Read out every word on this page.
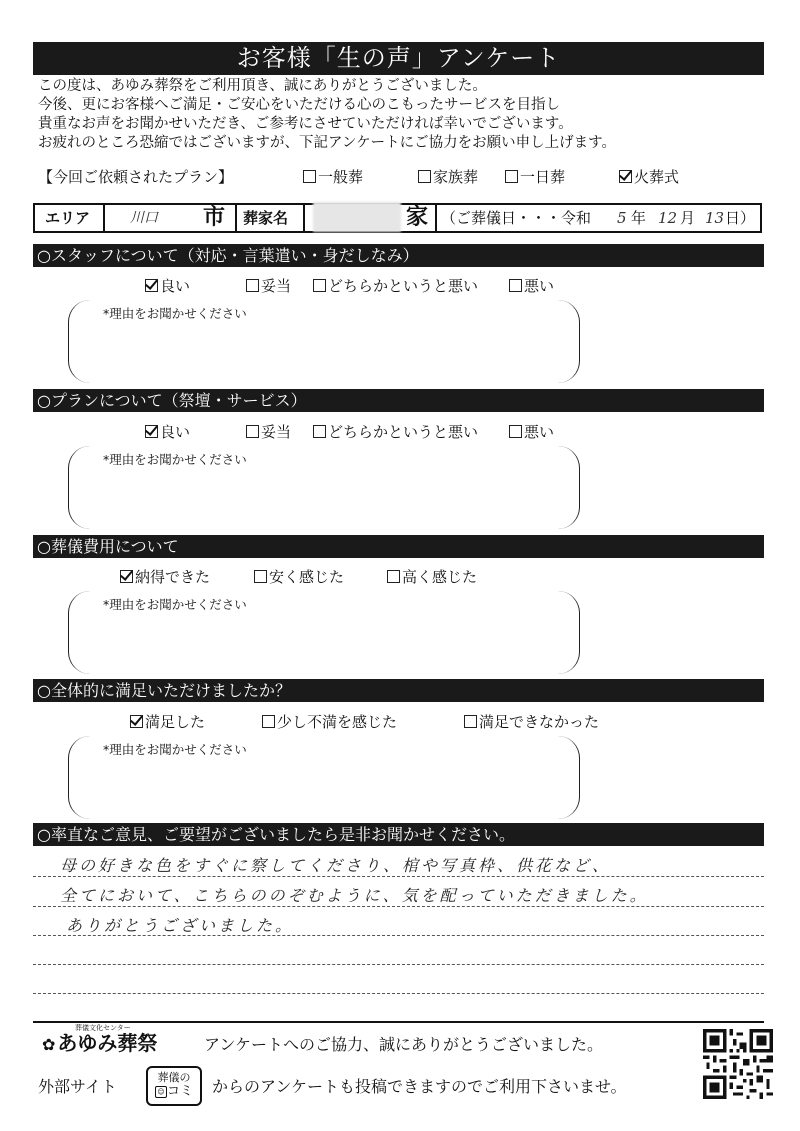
お客様「生の声」アンケート
この度は、あゆみ葬祭をご利用頂き、誠にありがとうございました。
今後、更にお客様へご満足・ご安心をいただける心のこもったサービスを目指し
貴重なお声をお聞かせいただき、ご参考にさせていただければ幸いでございます。
お疲れのところ恐縮ではございますが、下記アンケートにご協力をお願い申し上げます。
【今回ご依頼されたプラン】	一般葬	家族葬	一日葬	火葬式
エリア	川口 市 葬家名	家 （ご葬儀日・・・令和 5 年 12 月 13 日）
○スタッフについて（対応・言葉遣い・身だしなみ）
良い	妥当	どちらかというと悪い	悪い
*理由をお聞かせください
○プランについて（祭壇・サービス）
良い	妥当	どちらかというと悪い	悪い
*理由をお聞かせください
○葬儀費用について
納得できた	安く感じた	高く感じた
*理由をお聞かせください
○全体的に満足いただけましたか？
満足した	少し不満を感じた	満足できなかった
*理由をお聞かせください
○率直なご意見、ご要望がございましたら是非お聞かせください。
母の好きな色をすぐに察してくださり、棺や写真枠、供花など、
全てにおいて、こちらののぞむように、気を配っていただきました。
ありがとうございました。
葬儀文化センター
✿ あゆみ葬祭	アンケートへのご協力、誠にありがとうございました。
外部サイト	葬儀の
☺ コミ	からのアンケートも投稿できますのでご利用下さいませ。
